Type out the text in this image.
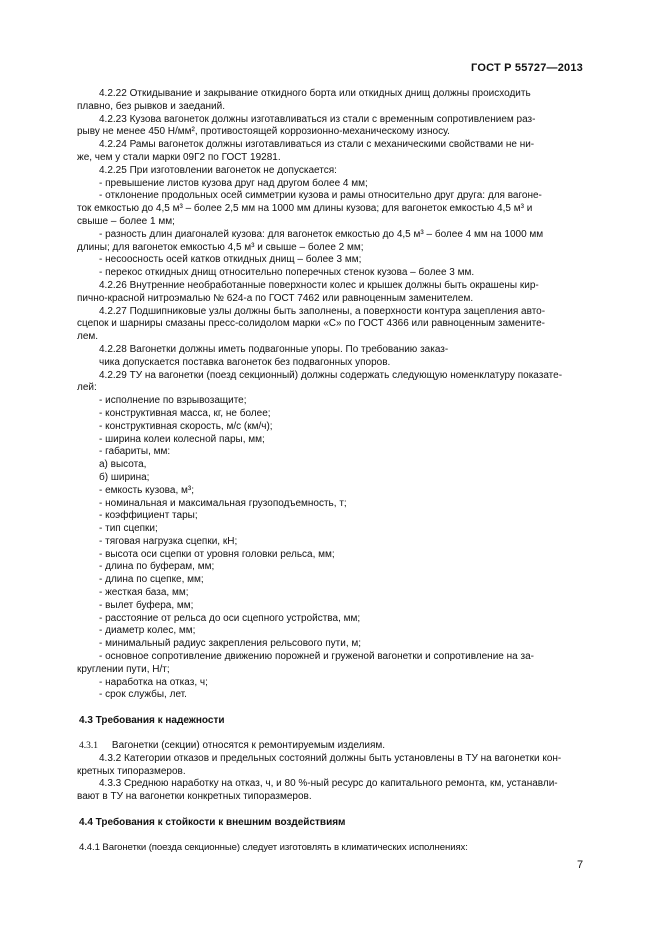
ГОСТ Р 55727—2013
4.2.22 Откидывание и закрывание откидного борта или откидных днищ должны происходить
плавно, без рывков и заеданий.
4.2.23 Кузова вагонеток должны изготавливаться из стали с временным сопротивлением раз-
рыву не менее 450 Н/мм², противостоящей коррозионно-механическому износу.
4.2.24 Рамы вагонеток должны изготавливаться из стали с механическими свойствами не ни-
же, чем у стали марки 09Г2 по ГОСТ 19281.
4.2.25 При изготовлении вагонеток не допускается:
- превышение листов кузова друг над другом более 4 мм;
- отклонение продольных осей симметрии кузова и рамы относительно друг друга: для вагоне-
ток емкостью до 4,5 м³ – более 2,5 мм на 1000 мм длины кузова; для вагонеток емкостью 4,5 м³ и
свыше – более 1 мм;
- разность длин диагоналей кузова: для вагонеток емкостью до 4,5 м³ – более 4 мм на 1000 мм
длины; для вагонеток емкостью 4,5 м³ и свыше – более 2 мм;
- несоосность осей катков откидных днищ – более 3 мм;
- перекос откидных днищ относительно поперечных стенок кузова – более 3 мм.
4.2.26 Внутренние необработанные поверхности колес и крышек должны быть окрашены кир-
пично-красной нитроэмалью № 624-а по ГОСТ 7462 или равноценным заменителем.
4.2.27 Подшипниковые узлы должны быть заполнены, а поверхности контура зацепления авто-
сцепок и шарниры смазаны пресс-солидолом марки «С» по ГОСТ 4366 или равноценным замените-
лем.
4.2.28 Вагонетки должны иметь подвагонные упоры. По требованию заказ-
чика допускается поставка вагонеток без подвагонных упоров.
4.2.29 ТУ на вагонетки (поезд секционный) должны содержать следующую номенклатуру показате-
лей:
- исполнение по взрывозащите;
- конструктивная масса, кг, не более;
- конструктивная скорость, м/с (км/ч);
- ширина колеи колесной пары, мм;
- габариты, мм:
а) высота,
б) ширина;
- емкость кузова, м³;
- номинальная и максимальная грузоподъемность, т;
- коэффициент тары;
- тип сцепки;
- тяговая нагрузка сцепки, кН;
- высота оси сцепки от уровня головки рельса, мм;
- длина по буферам, мм;
- длина по сцепке, мм;
- жесткая база, мм;
- вылет буфера, мм;
- расстояние от рельса до оси сцепного устройства, мм;
- диаметр колес, мм;
- минимальный радиус закрепления рельсового пути, м;
- основное сопротивление движению порожней и груженой вагонетки и сопротивление на за-
круглении пути, Н/т;
- наработка на отказ, ч;
- срок службы, лет.
4.3 Требования к надежности
4.3.1 Вагонетки (секции) относятся к ремонтируемым изделиям.
4.3.2 Категории отказов и предельных состояний должны быть установлены в ТУ на вагонетки кон-
кретных типоразмеров.
4.3.3 Среднюю наработку на отказ, ч, и 80 %-ный ресурс до капитального ремонта, км, устанавли-
вают в ТУ на вагонетки конкретных типоразмеров.
4.4 Требования к стойкости к внешним воздействиям
4.4.1 Вагонетки (поезда секционные) следует изготовлять в климатических исполнениях:
7
